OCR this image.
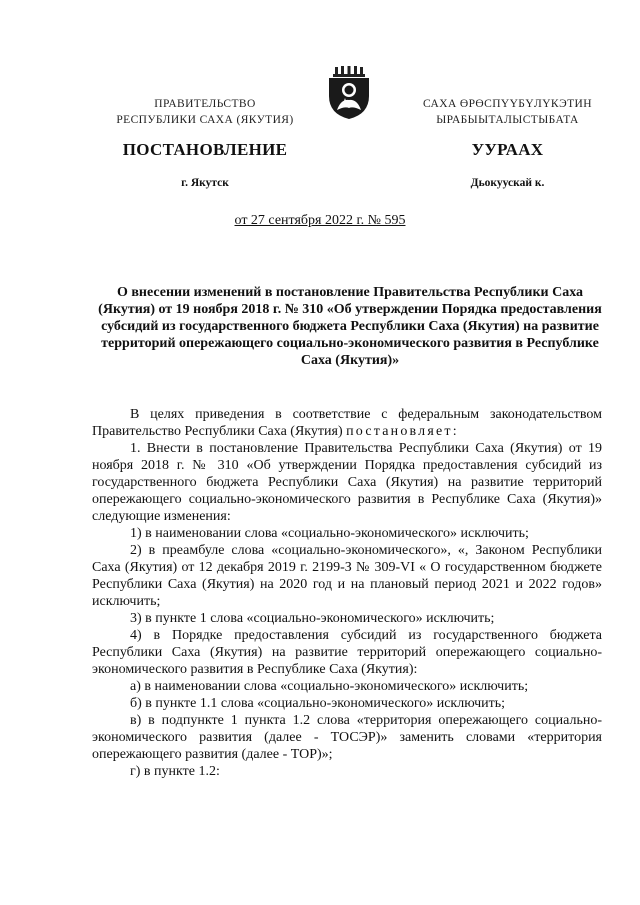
ПРАВИТЕЛЬСТВО
РЕСПУБЛИКИ САХА (ЯКУТИЯ)
САХА ӨРӨСПҮҮБҮЛҮКЭТИН
ЫРАБЫЫТАЛЫСТЫБАТА
ПОСТАНОВЛЕНИЕ	УУРААХ
г. Якутск	Дьокуускай к.
от 27 сентября 2022 г. № 595
О внесении изменений в постановление Правительства Республики Саха (Якутия) от 19 ноября 2018 г. № 310 «Об утверждении Порядка предоставления субсидий из государственного бюджета Республики Саха (Якутия) на развитие территорий опережающего социально-экономического развития в Республике Саха (Якутия)»

В целях приведения в соответствие с федеральным законодательством Правительство Республики Саха (Якутия) постановляет:

1. Внести в постановление Правительства Республики Саха (Якутия) от 19 ноября 2018 г. № 310 «Об утверждении Порядка предоставления субсидий из государственного бюджета Республики Саха (Якутия) на развитие территорий опережающего социально-экономического развития в Республике Саха (Якутия)» следующие изменения:

1) в наименовании слова «социально-экономического» исключить;

2) в преамбуле слова «социально-экономического», «, Законом Республики Саха (Якутия) от 12 декабря 2019 г. 2199-З № 309-VI « О государственном бюджете Республики Саха (Якутия) на 2020 год и на плановый период 2021 и 2022 годов» исключить;

3) в пункте 1 слова «социально-экономического» исключить;

4) в Порядке предоставления субсидий из государственного бюджета Республики Саха (Якутия) на развитие территорий опережающего социально-экономического развития в Республике Саха (Якутия):

а) в наименовании слова «социально-экономического» исключить;

б) в пункте 1.1 слова «социально-экономического» исключить;

в) в подпункте 1 пункта 1.2 слова «территория опережающего социально-экономического развития (далее - ТОСЭР)» заменить словами «территория опережающего развития (далее - ТОР)»;

г) в пункте 1.2:
